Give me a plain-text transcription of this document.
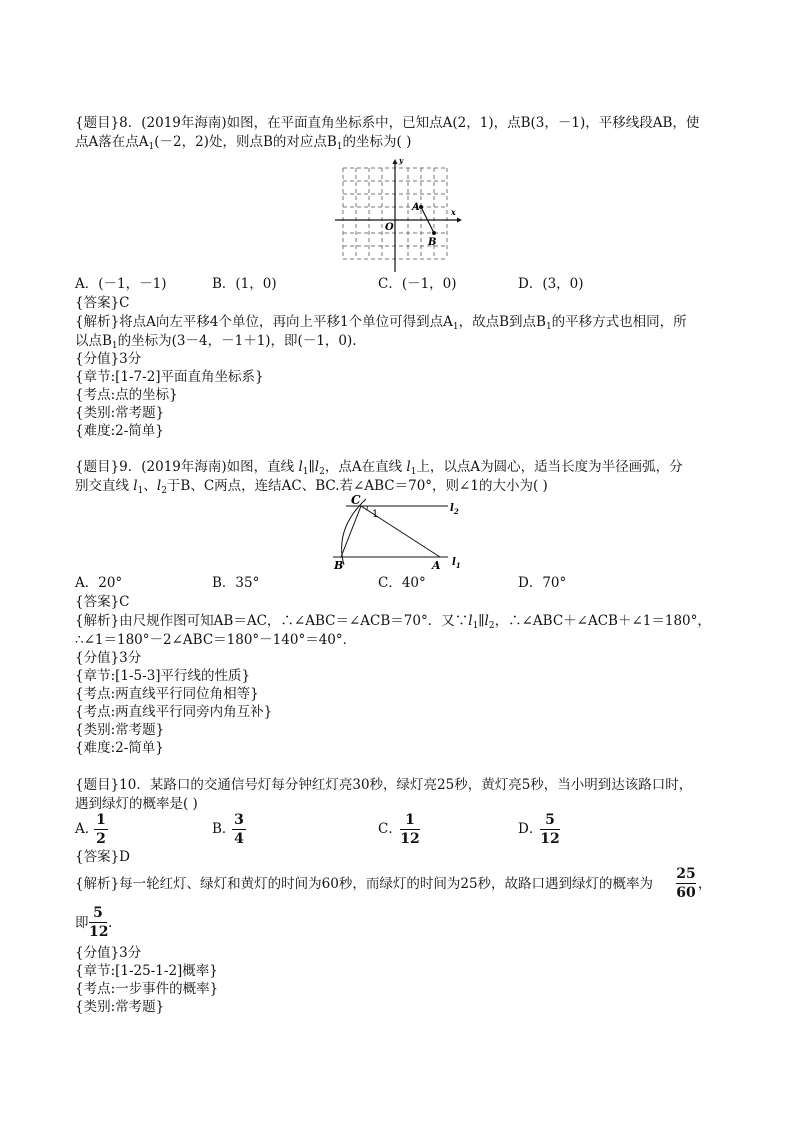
{题目}8．(2019年海南)如图，在平面直角坐标系中，已知点A(2，1)，点B(3，－1)，平移线段AB，使
点A落在点$A_1(-2$，2)处，则点B的对应点$B_1$的坐标为( )
y
x
O
A
B
A．(－1，－1)	B．(1，0)	C．(－1，0)	D．(3，0)
{答案}C
{解析}将点A向左平移4个单位，再向上平移1个单位可得到点$A_1$，故点B到点$B_1$的平移方式也相同，所
以点$B_1$的坐标为(3－4，－1＋1)，即(－1，0).
{分值}3分
{章节:[1-7-2]平面直角坐标系}
{考点:点的坐标}
{类别:常考题}
{难度:2-简单}
{题目}9．(2019年海南)如图，直线 $l_1\parallel l_2$，点A在直线 $l_1$上，以点A为圆心，适当长度为半径画弧，分
别交直线 $l_1$、$l_2$于B、C两点，连结AC、BC.若∠ABC＝70°，则∠1的大小为( )
C
1
$l_2$
B	A $l_1$
A．20°	B．35°	C．40°	D．70°
{答案}C
{解析}由尺规作图可知AB＝AC，∴∠ABC＝∠ACB＝70°．又$\because l_1\parallel l_2$，∴∠ABC＋∠ACB＋∠1＝180°，
∴∠1＝180°－2∠ABC＝180°－140°＝40°．
{分值}3分
{章节:[1-5-3]平行线的性质}
{考点:两直线平行同位角相等}
{考点:两直线平行同旁内角互补}
{类别:常考题}
{难度:2-简单}
{题目}10．某路口的交通信号灯每分钟红灯亮30秒，绿灯亮25秒，黄灯亮5秒，当小明到达该路口时，
遇到绿灯的概率是( )
A．
1
2
B．
3
4
C．
1
12
D．
5
12
{答案}D
{解析}每一轮红灯、绿灯和黄灯的时间为60秒，而绿灯的时间为25秒，故路口遇到绿灯的概率为
25
60
，
即
5
12
.
{分值}3分
{章节:[1-25-1-2]概率}
{考点:一步事件的概率}
{类别:常考题}
